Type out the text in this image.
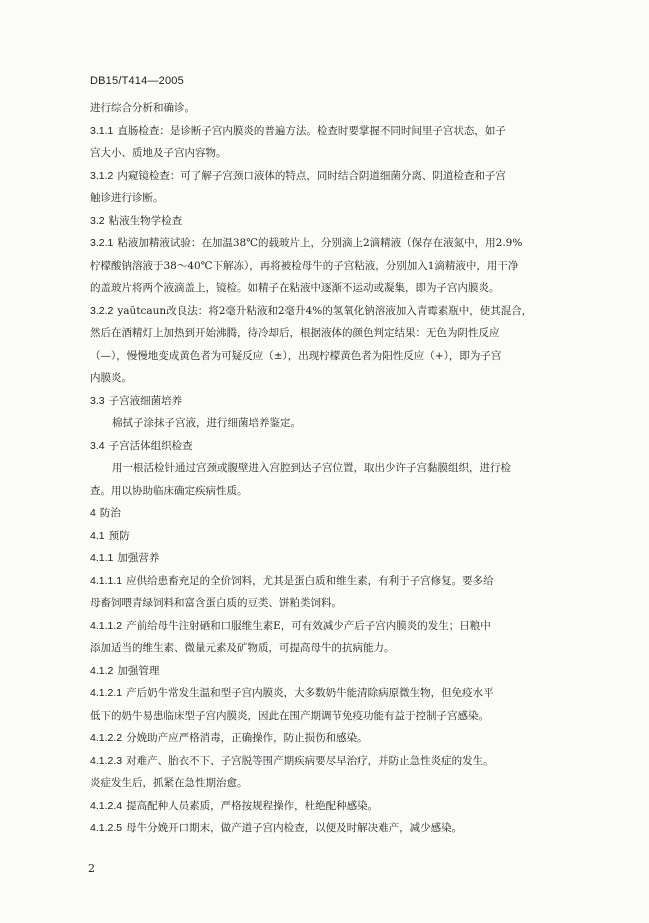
DB15/T414—2005
进行综合分析和确诊。
3.1.1 直肠检查：是诊断子宫内膜炎的普遍方法。检查时要掌握不同时间里子宫状态，如子
宫大小、质地及子宫内容物。
3.1.2 内窥镜检查：可了解子宫颈口液体的特点，同时结合阴道细菌分离、阴道检查和子宫
触诊进行诊断。
3.2 粘液生物学检查
3.2.1 粘液加精液试验：在加温38℃的载玻片上，分别滴上2滴精液（保存在液氮中，用2.9%
柠檬酸钠溶液于38～40℃下解冻），再将被检母牛的子宫粘液，分别加入1滴精液中，用干净
的盖玻片将两个液滴盖上，镜检。如精子在粘液中逐渐不运动或凝集，即为子宫内膜炎。
3.2.2 yaŭtcaun改良法：将2毫升粘液和2毫升4%的氢氧化钠溶液加入青霉素瓶中，使其混合，
然后在酒精灯上加热到开始沸腾，待冷却后，根据液体的颜色判定结果：无色为阴性反应
（—），慢慢地变成黄色者为可疑反应（±），出现柠檬黄色者为阳性反应（+），即为子宫
内膜炎。
3.3 子宫液细菌培养
棉拭子涂抹子宫液，进行细菌培养鉴定。
3.4 子宫活体组织检查
用一根活检针通过宫颈或腹壁进入宫腔到达子宫位置，取出少许子宫黏膜组织，进行检
查。用以协助临床确定疾病性质。
4 防治
4.1 预防
4.1.1 加强营养
4.1.1.1 应供给患畜充足的全价饲料，尤其是蛋白质和维生素，有利于子宫修复。要多给
母畜饲喂青绿饲料和富含蛋白质的豆类、饼粕类饲料。
4.1.1.2 产前给母牛注射硒和口服维生素E，可有效减少产后子宫内膜炎的发生；日粮中
添加适当的维生素、微量元素及矿物质，可提高母牛的抗病能力。
4.1.2 加强管理
4.1.2.1 产后奶牛常发生温和型子宫内膜炎，大多数奶牛能清除病原微生物，但免疫水平
低下的奶牛易患临床型子宫内膜炎，因此在围产期调节免疫功能有益于控制子宫感染。
4.1.2.2 分娩助产应严格消毒，正确操作，防止损伤和感染。
4.1.2.3 对难产、胎衣不下、子宫脱等围产期疾病要尽早治疗，并防止急性炎症的发生。
炎症发生后，抓紧在急性期治愈。
4.1.2.4 提高配种人员素质，严格按规程操作，杜绝配种感染。
4.1.2.5 母牛分娩开口期末，做产道子宫内检查，以便及时解决难产，减少感染。
2
